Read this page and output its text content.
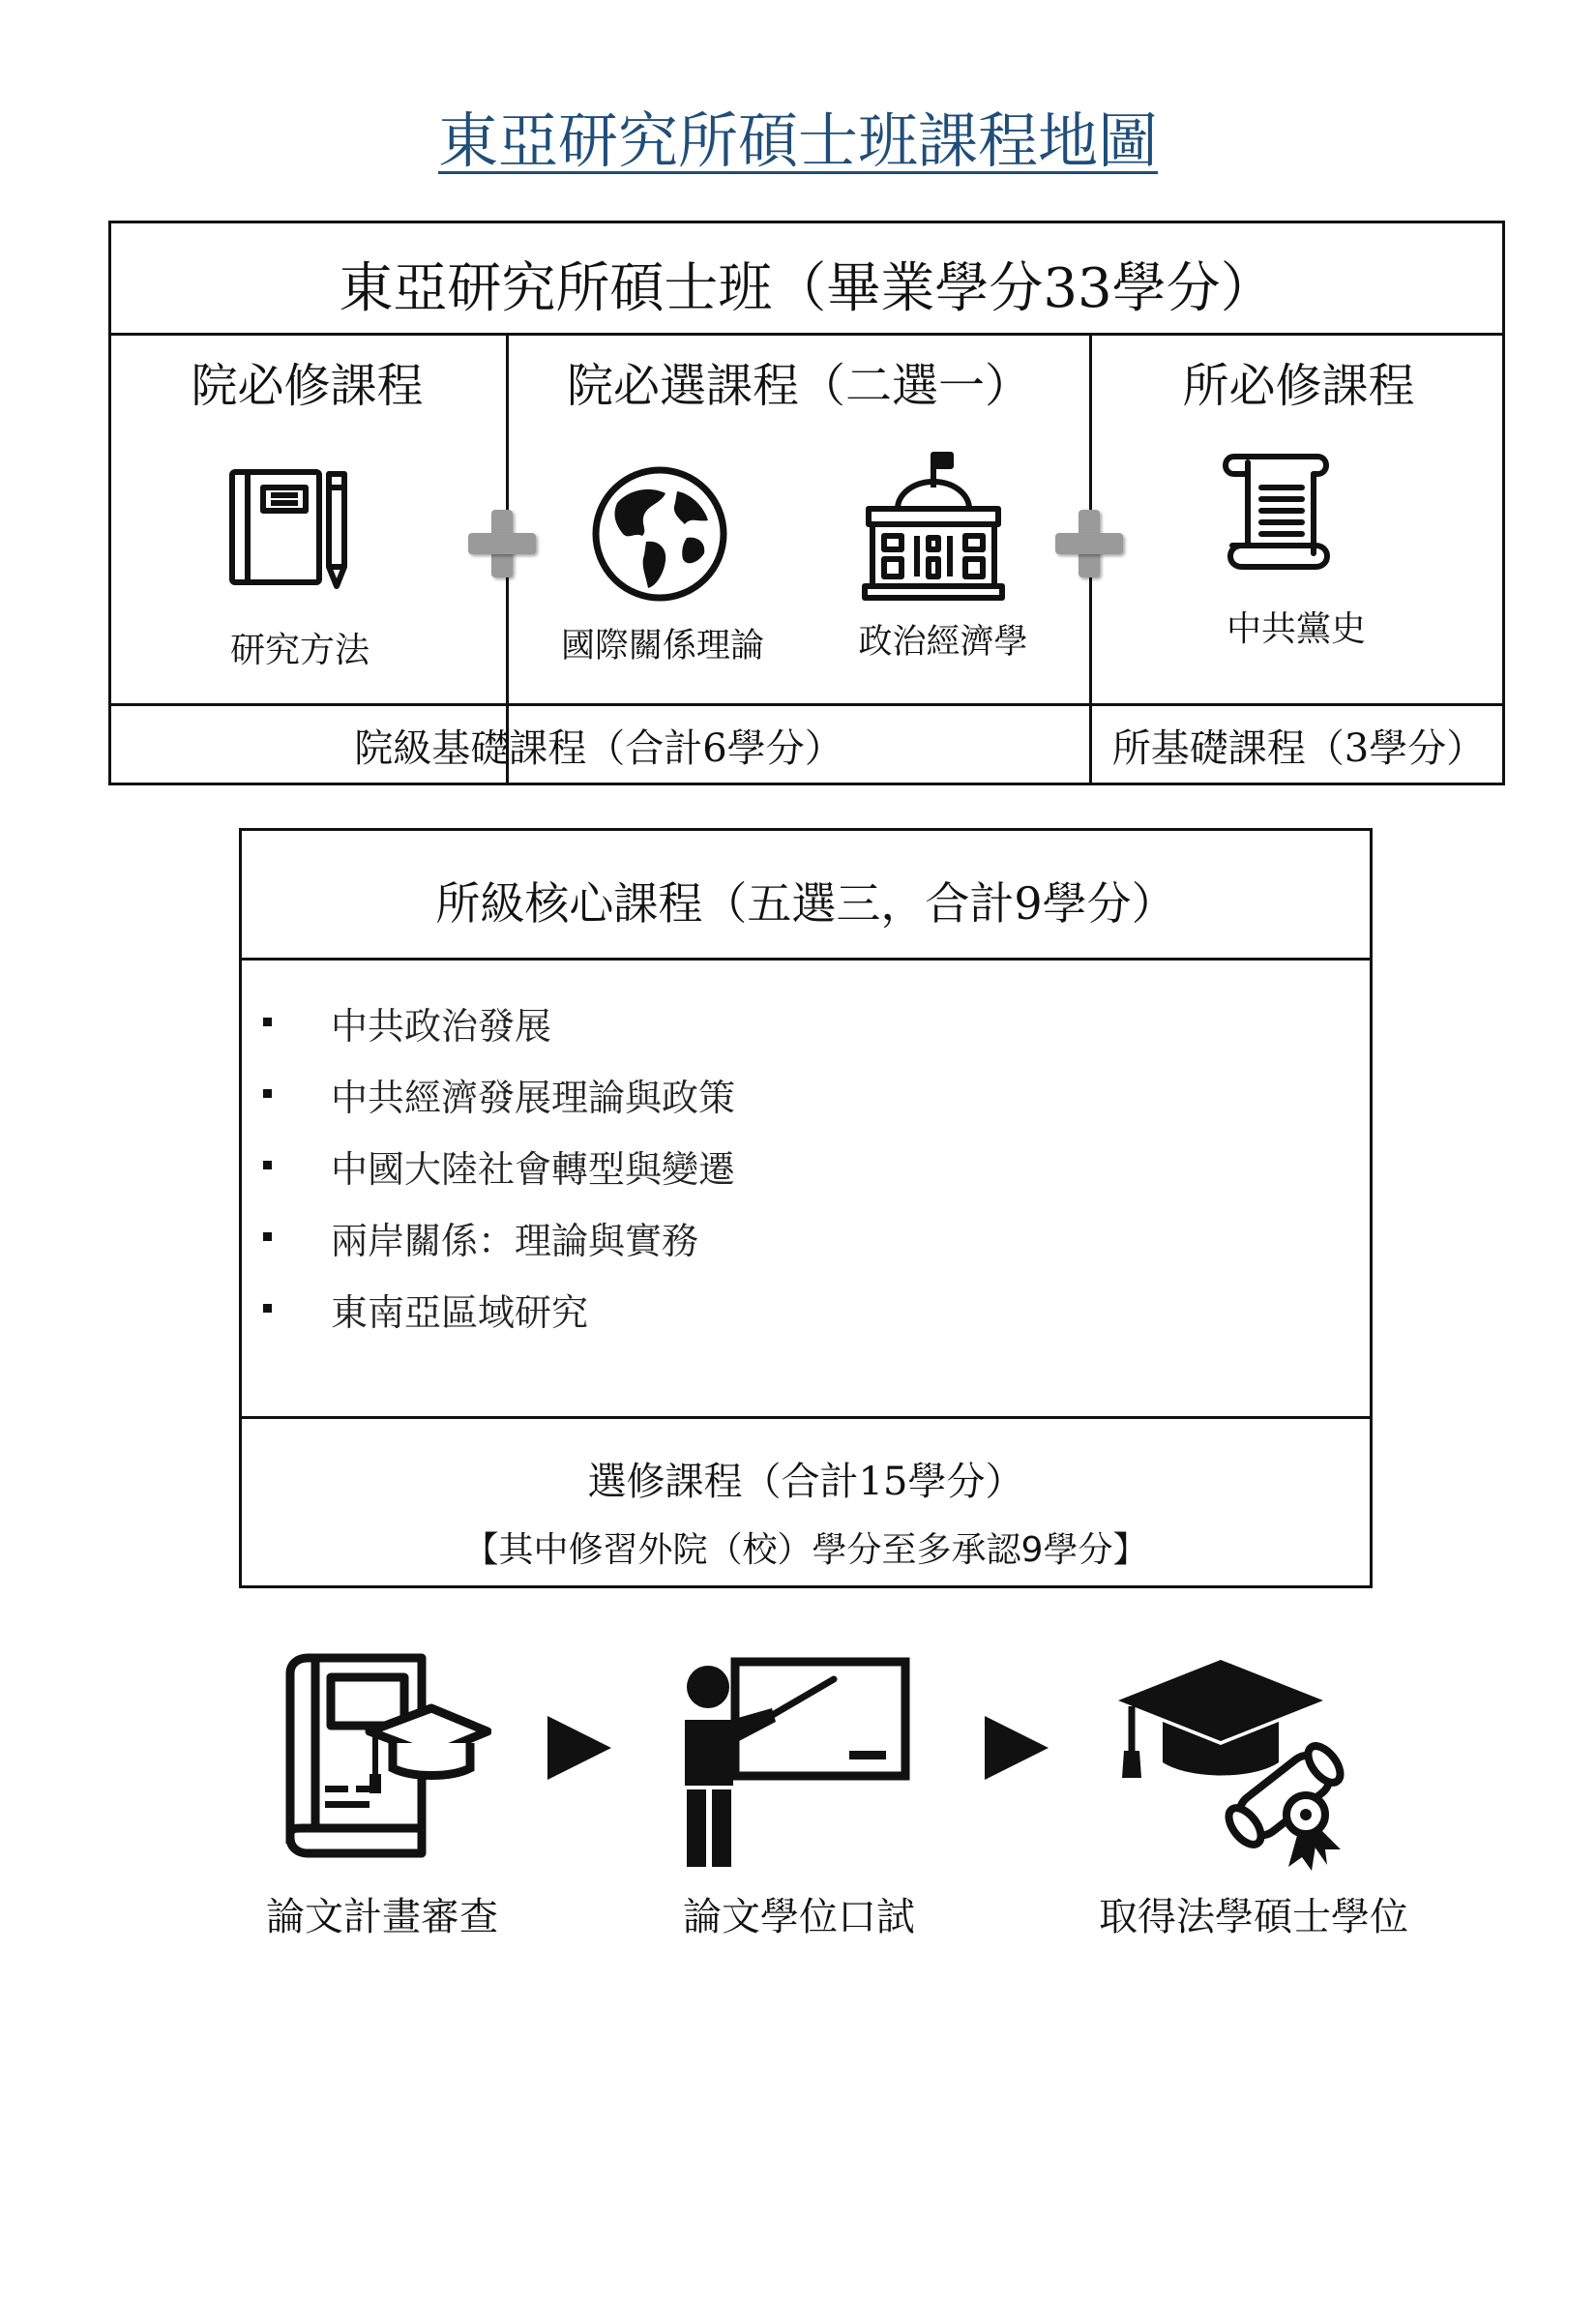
東亞研究所碩士班課程地圖
東亞研究所碩士班（畢業學分33學分）
院必修課程	院必選課程（二選一）	所必修課程
研究方法	國際關係理論	政治經濟學	中共黨史
院級基礎課程（合計6學分）	所基礎課程（3學分）
所級核心課程（五選三，合計9學分）
中共政治發展
中共經濟發展理論與政策
中國大陸社會轉型與變遷
兩岸關係：理論與實務
東南亞區域研究
選修課程（合計15學分）
【其中修習外院（校）學分至多承認9學分】
論文計畫審查	論文學位口試	取得法學碩士學位
